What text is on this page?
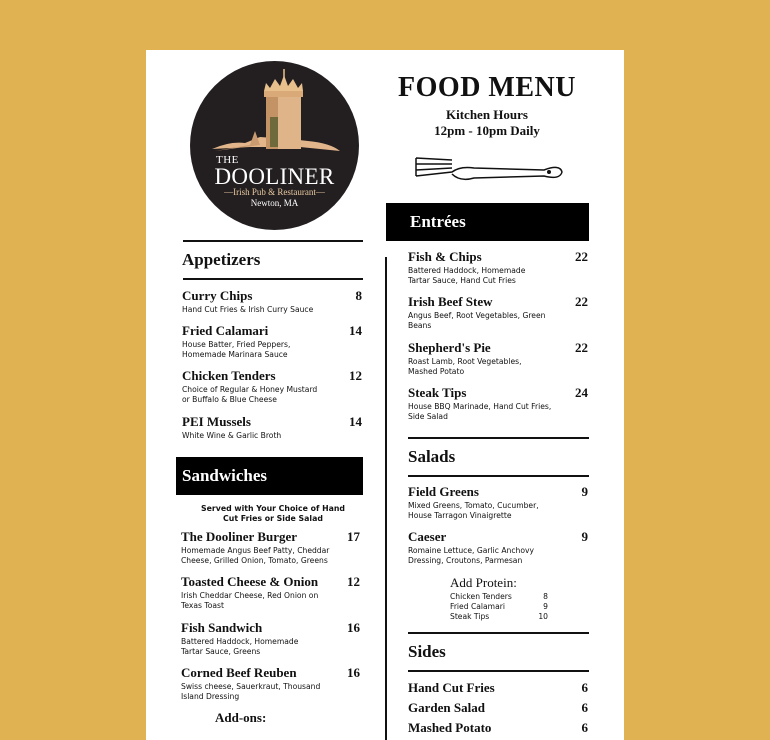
THE
DOOLINER
—Irish Pub & Restaurant—
Newton, MA
FOOD MENU
Kitchen Hours
12pm - 10pm Daily
Appetizers
Curry Chips	8
Hand Cut Fries & Irish Curry Sauce
Fried Calamari	14
House Batter, Fried Peppers,
Homemade Marinara Sauce
Chicken Tenders	12
Choice of Regular & Honey Mustard
or Buffalo & Blue Cheese
PEI Mussels	14
White Wine & Garlic Broth
Sandwiches
Served with Your Choice of Hand
Cut Fries or Side Salad
The Dooliner Burger	17
Homemade Angus Beef Patty, Cheddar
Cheese, Grilled Onion, Tomato, Greens
Toasted Cheese & Onion	12
Irish Cheddar Cheese, Red Onion on
Texas Toast
Fish Sandwich	16
Battered Haddock, Homemade
Tartar Sauce, Greens
Corned Beef Reuben	16
Swiss cheese, Sauerkraut, Thousand
Island Dressing
Add-ons:
Entrées
Fish & Chips	22
Battered Haddock, Homemade
Tartar Sauce, Hand Cut Fries
Irish Beef Stew	22
Angus Beef, Root Vegetables, Green
Beans
Shepherd's Pie	22
Roast Lamb, Root Vegetables,
Mashed Potato
Steak Tips	24
House BBQ Marinade, Hand Cut Fries,
Side Salad
Salads
Field Greens	9
Mixed Greens, Tomato, Cucumber,
House Tarragon Vinaigrette
Caeser	9
Romaine Lettuce, Garlic Anchovy
Dressing, Croutons, Parmesan
Add Protein:
Chicken Tenders	8
Fried Calamari	9
Steak Tips	10
Sides
Hand Cut Fries	6
Garden Salad	6
Mashed Potato	6
